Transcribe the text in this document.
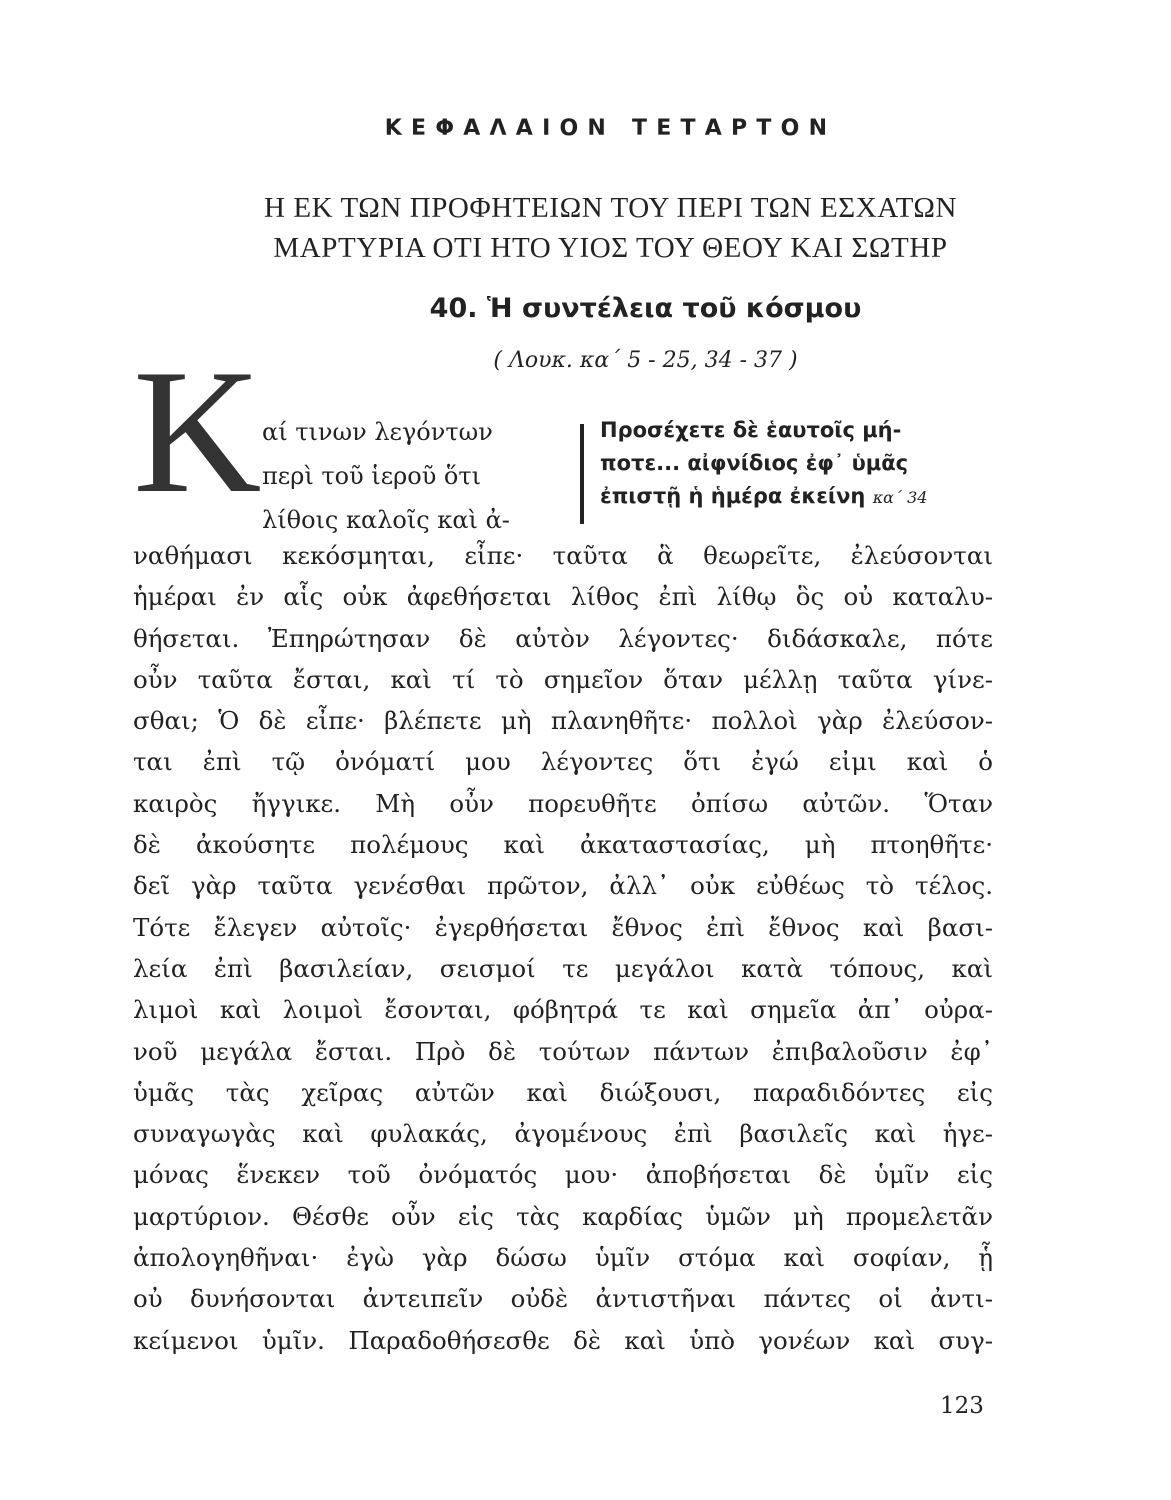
ΚΕΦΑΛΑΙΟΝ ΤΕΤΑΡΤΟΝ
Η ΕΚ ΤΩΝ ΠΡΟΦΗΤΕΙΩΝ ΤΟΥ ΠΕΡΙ ΤΩΝ ΕΣΧΑΤΩΝ
ΜΑΡΤΥΡΙΑ ΟΤΙ ΗΤΟ ΥΙΟΣ ΤΟΥ ΘΕΟΥ ΚΑΙ ΣΩΤΗΡ
40. Ἡ συντέλεια τοῦ κόσμου
( Λουκ. κα΄ 5 - 25, 34 - 37 )
Κ αί τινων λεγόντων
περὶ τοῦ ἱεροῦ ὅτι
λίθοις καλοῖς καὶ ἀ-
Προσέχετε δὲ ἑαυτοῖς μή-
ποτε... αἰφνίδιος ἐφ᾽ ὑμᾶς
ἐπιστῇ ἡ ἡμέρα ἐκείνη κα΄ 34
ναθήμασι κεκόσμηται, εἶπε· ταῦτα ἃ θεωρεῖτε, ἐλεύσονται
ἡμέραι ἐν αἷς οὐκ ἀφεθήσεται λίθος ἐπὶ λίθῳ ὃς οὐ καταλυ-
θήσεται. Ἐπηρώτησαν δὲ αὐτὸν λέγοντες· διδάσκαλε, πότε
οὖν ταῦτα ἔσται, καὶ τί τὸ σημεῖον ὅταν μέλλῃ ταῦτα γίνε-
σθαι; Ὁ δὲ εἶπε· βλέπετε μὴ πλανηθῆτε· πολλοὶ γὰρ ἐλεύσον-
ται ἐπὶ τῷ ὀνόματί μου λέγοντες ὅτι ἐγώ εἰμι καὶ ὁ
καιρὸς ἤγγικε. Μὴ οὖν πορευθῆτε ὀπίσω αὐτῶν. Ὅταν
δὲ ἀκούσητε πολέμους καὶ ἀκαταστασίας, μὴ πτοηθῆτε·
δεῖ γὰρ ταῦτα γενέσθαι πρῶτον, ἀλλ᾽ οὐκ εὐθέως τὸ τέλος.
Τότε ἔλεγεν αὐτοῖς· ἐγερθήσεται ἔθνος ἐπὶ ἔθνος καὶ βασι-
λεία ἐπὶ βασιλείαν, σεισμοί τε μεγάλοι κατὰ τόπους, καὶ
λιμοὶ καὶ λοιμοὶ ἔσονται, φόβητρά τε καὶ σημεῖα ἀπ᾽ οὐρα-
νοῦ μεγάλα ἔσται. Πρὸ δὲ τούτων πάντων ἐπιβαλοῦσιν ἐφ᾽
ὑμᾶς τὰς χεῖρας αὐτῶν καὶ διώξουσι, παραδιδόντες εἰς
συναγωγὰς καὶ φυλακάς, ἀγομένους ἐπὶ βασιλεῖς καὶ ἡγε-
μόνας ἕνεκεν τοῦ ὀνόματός μου· ἀποβήσεται δὲ ὑμῖν εἰς
μαρτύριον. Θέσθε οὖν εἰς τὰς καρδίας ὑμῶν μὴ προμελετᾶν
ἀπολογηθῆναι· ἐγὼ γὰρ δώσω ὑμῖν στόμα καὶ σοφίαν, ᾗ
οὐ δυνήσονται ἀντειπεῖν οὐδὲ ἀντιστῆναι πάντες οἱ ἀντι-
κείμενοι ὑμῖν. Παραδοθήσεσθε δὲ καὶ ὑπὸ γονέων καὶ συγ-
123
